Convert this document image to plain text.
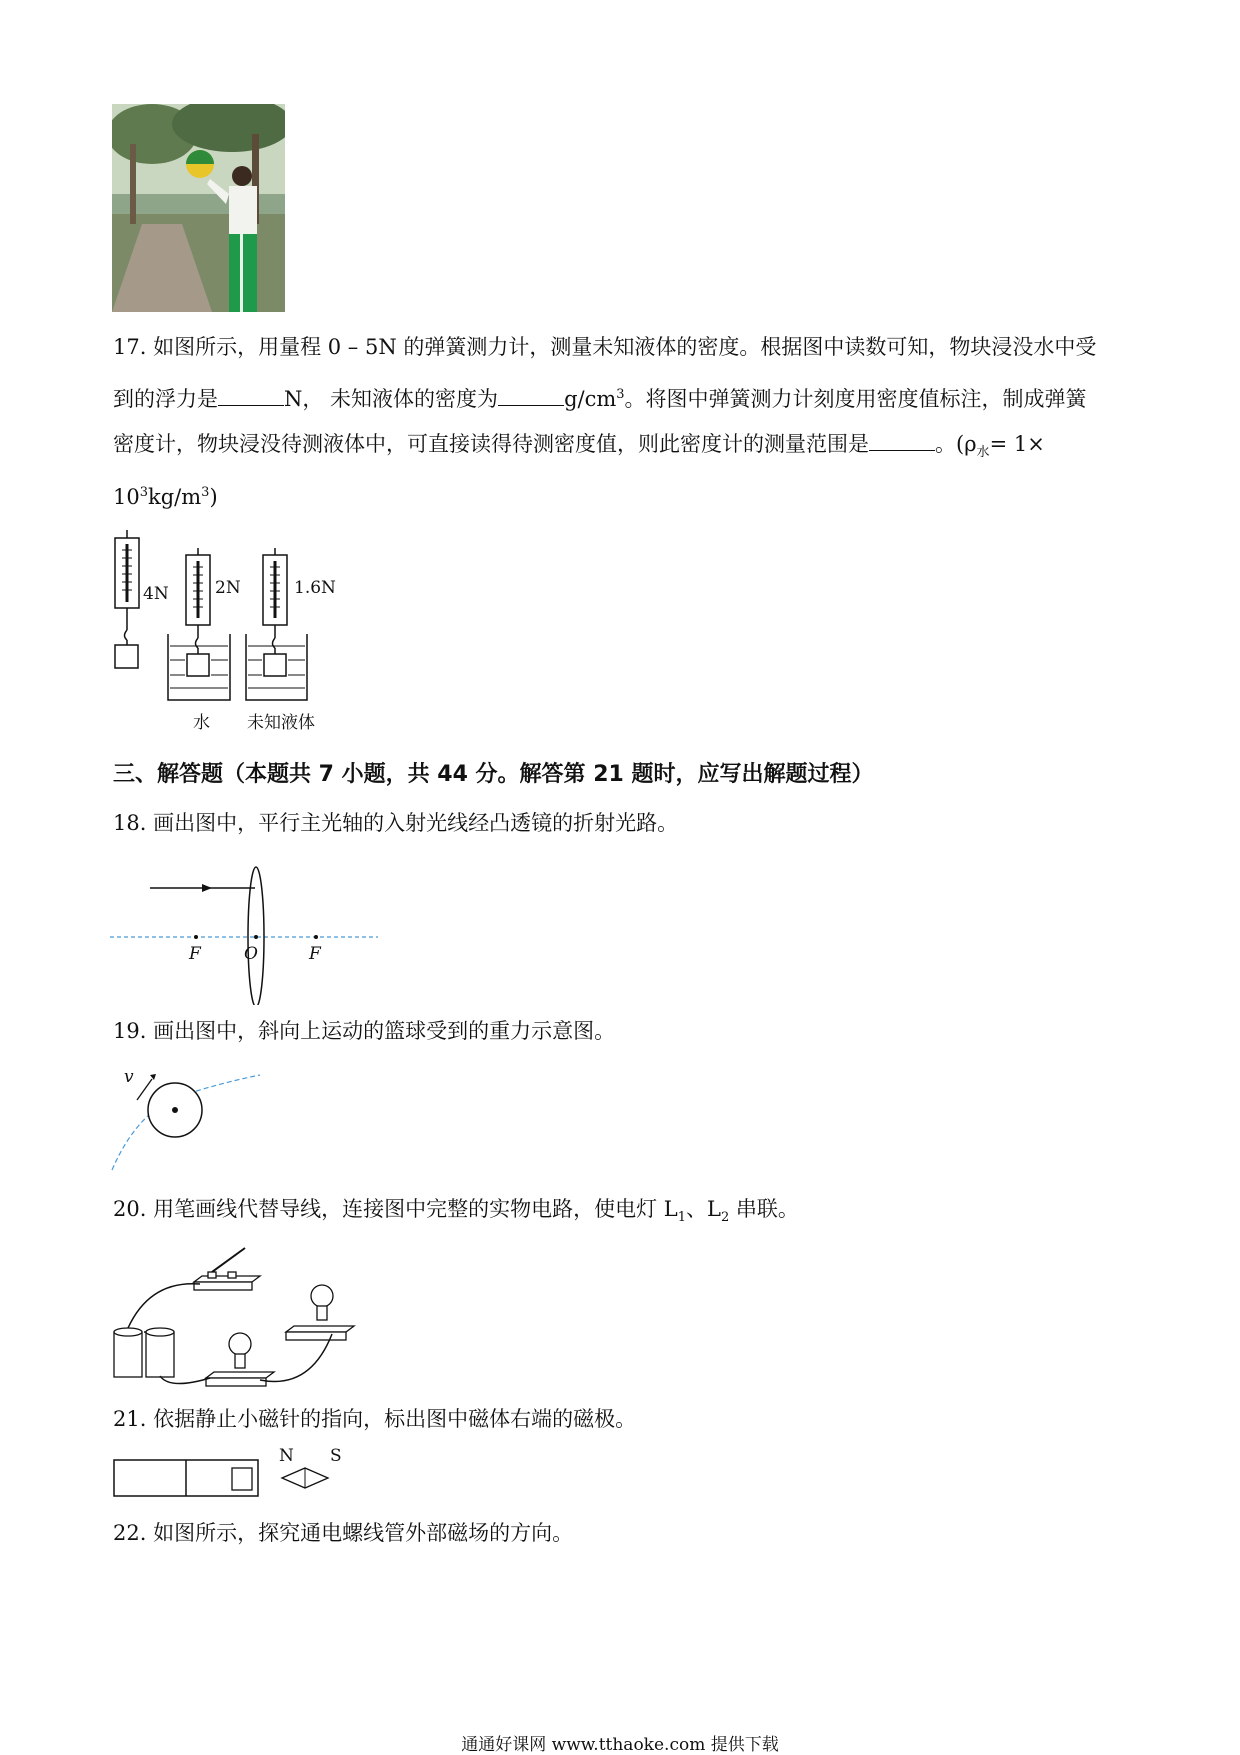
17. 如图所示，用量程 0 – 5N 的弹簧测力计，测量未知液体的密度。根据图中读数可知，物块浸没水中受
到的浮力是	N， 未知液体的密度为	$g/cm^3$。将图中弹簧测力计刻度用密度值标注，制成弹簧
密度计，物块浸没待测液体中，可直接读得待测密度值，则此密度计的测量范围是	。($\rho_水= 1\times$
$10^3kg/m^3$)
4N	2N	1.6N
水 未知液体
三、解答题（本题共 7 小题，共 44 分。解答第 21 题时，应写出解题过程）
18. 画出图中，平行主光轴的入射光线经凸透镜的折射光路。
F	O	F
19. 画出图中，斜向上运动的篮球受到的重力示意图。
v
20. 用笔画线代替导线，连接图中完整的实物电路，使电灯 $L_1$、$L_2$ 串联。
21. 依据静止小磁针的指向，标出图中磁体右端的磁极。
N S
22. 如图所示，探究通电螺线管外部磁场的方向。
通通好课网 www.tthaoke.com 提供下载
